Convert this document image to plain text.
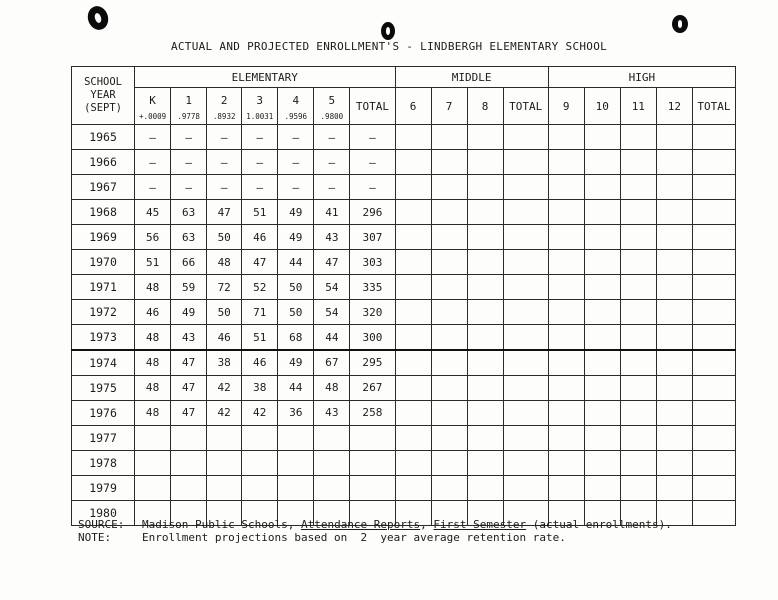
ACTUAL AND PROJECTED ENROLLMENT'S - LINDBERGH ELEMENTARY SCHOOL
SCHOOL
YEAR
(SEPT)	ELEMENTARY							MIDDLE				HIGH				
	K	1	2	3	4	5	TOTAL	6	7	8	TOTAL	9	10	11	12	TOTAL
	+.0009	.9778	.8932	1.0031	.9596	.9800										
1965	–	–	–	–	–	–	–									
1966	–	–	–	–	–	–	–									
1967	–	–	–	–	–	–	–									
1968	45	63	47	51	49	41	296									
1969	56	63	50	46	49	43	307									
1970	51	66	48	47	44	47	303									
1971	48	59	72	52	50	54	335									
1972	46	49	50	71	50	54	320									
1973	48	43	46	51	68	44	300									
1974	48	47	38	46	49	67	295									
1975	48	47	42	38	44	48	267									
1976	48	47	42	42	36	43	258									
1977																
1978																
1979																
1980																
SOURCE: Madison Public Schools, Attendance Reports, First Semester (actual enrollments).
NOTE:	Enrollment projections based on  2  year average retention rate.
